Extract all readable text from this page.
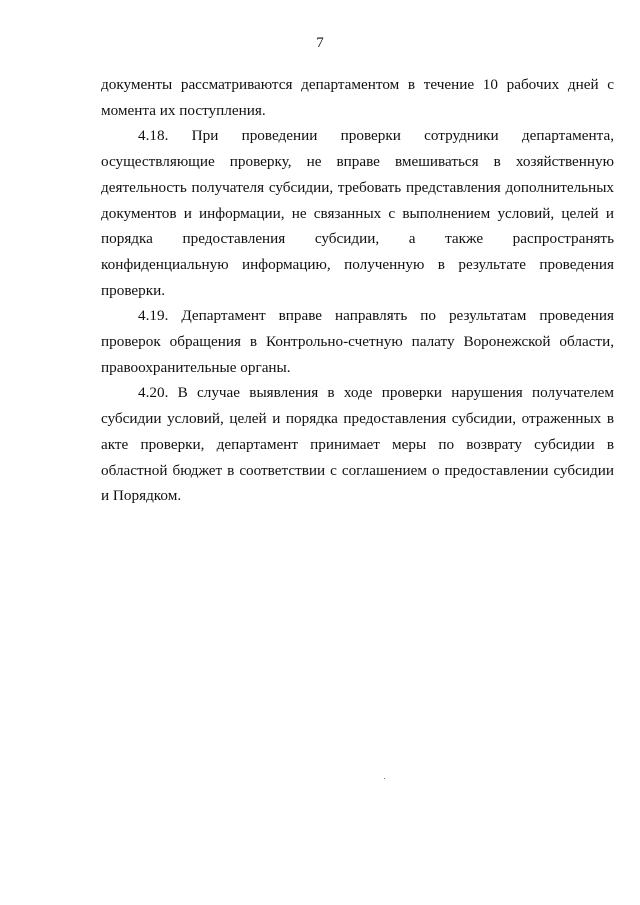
7

документы рассматриваются департаментом в течение 10 рабочих дней с момента их поступления.

4.18. При проведении проверки сотрудники департамента, осуществляющие проверку, не вправе вмешиваться в хозяйственную деятельность получателя субсидии, требовать представления дополнительных документов и информации, не связанных с выполнением условий, целей и порядка предоставления субсидии, а также распространять конфиденциальную информацию, полученную в результате проведения проверки.

4.19. Департамент вправе направлять по результатам проведения проверок обращения в Контрольно-счетную палату Воронежской области, правоохранительные органы.

4.20. В случае выявления в ходе проверки нарушения получателем субсидии условий, целей и порядка предоставления субсидии, отраженных в акте проверки, департамент принимает меры по возврату субсидии в областной бюджет в соответствии с соглашением о предоставлении субсидии и Порядком.
